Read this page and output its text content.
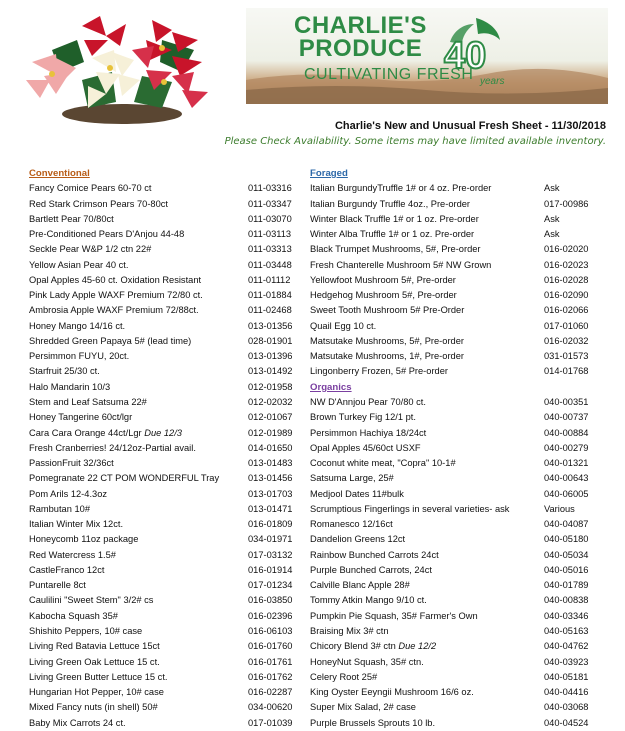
CHARLIE'S
PRODUCE
CULTIVATING FRESH
40
years
Charlie's New and Unusual Fresh Sheet - 11/30/2018
Please Check Availability. Some items may have limited available inventory.
Conventional
Fancy Comice Pears 60-70 ct	011-03316
Red Stark Crimson Pears 70-80ct	011-03347
Bartlett Pear 70/80ct	011-03070
Pre-Conditioned Pears D'Anjou 44-48	011-03113
Seckle Pear W&P 1/2 ctn 22#	011-03313
Yellow Asian Pear 40 ct.	011-03448
Opal Apples 45-60 ct. Oxidation Resistant	011-01112
Pink Lady Apple WAXF Premium 72/80 ct.	011-01884
Ambrosia Apple WAXF Premium 72/88ct.	011-02468
Honey Mango 14/16 ct.	013-01356
Shredded Green Papaya 5# (lead time)	028-01901
Persimmon FUYU, 20ct.	013-01396
Starfruit 25/30 ct.	013-01492
Halo Mandarin 10/3	012-01958
Stem and Leaf Satsuma 22#	012-02032
Honey Tangerine 60ct/lgr	012-01067
Cara Cara Orange 44ct/Lgr Due 12/3	012-01989
Fresh Cranberries! 24/12oz-Partial avail.	014-01650
PassionFruit 32/36ct	013-01483
Pomegranate 22 CT POM WONDERFUL Tray	013-01456
Pom Arils 12-4.3oz	013-01703
Rambutan 10#	013-01471
Italian Winter Mix 12ct.	016-01809
Honeycomb 11oz package	034-01971
Red Watercress 1.5#	017-03132
CastleFranco 12ct	016-01914
Puntarelle 8ct	017-01234
Caulilini "Sweet Stem" 3/2# cs	016-03850
Kabocha Squash 35#	016-02396
Shishito Peppers, 10# case	016-06103
Living Red Batavia Lettuce 15ct	016-01760
Living Green Oak Lettuce 15 ct.	016-01761
Living Green Butter Lettuce 15 ct.	016-01762
Hungarian Hot Pepper, 10# case	016-02287
Mixed Fancy nuts (in shell) 50#	034-00620
Baby Mix Carrots 24 ct.	017-01039
Foraged
Italian BurgundyTruffle 1# or 4 oz. Pre-order	Ask
Italian Burgundy Truffle 4oz., Pre-order	017-00986
Winter Black Truffle 1# or 1 oz. Pre-order	Ask
Winter Alba Truffle 1# or 1 oz. Pre-order	Ask
Black Trumpet Mushrooms, 5#, Pre-order	016-02020
Fresh Chanterelle Mushroom 5# NW Grown	016-02023
Yellowfoot Mushroom 5#, Pre-order	016-02028
Hedgehog Mushroom 5#, Pre-order	016-02090
Sweet Tooth Mushroom 5# Pre-Order	016-02066
Quail Egg 10 ct.	017-01060
Matsutake Mushrooms, 5#, Pre-order	016-02032
Matsutake Mushrooms, 1#, Pre-order	031-01573
Lingonberry Frozen, 5# Pre-order	014-01768
Organics
NW D'Annjou Pear 70/80 ct.	040-00351
Brown Turkey Fig 12/1 pt.	040-00737
Persimmon Hachiya 18/24ct	040-00884
Opal Apples 45/60ct USXF	040-00279
Coconut white meat, "Copra" 10-1#	040-01321
Satsuma Large, 25#	040-00643
Medjool Dates 11#bulk	040-06005
Scrumptious Fingerlings in several varieties- ask	Various
Romanesco 12/16ct	040-04087
Dandelion Greens 12ct	040-05180
Rainbow Bunched Carrots 24ct	040-05034
Purple Bunched Carrots, 24ct	040-05016
Calville Blanc Apple 28#	040-01789
Tommy Atkin Mango 9/10 ct.	040-00838
Pumpkin Pie Squash, 35# Farmer's Own	040-03346
Braising Mix 3# ctn	040-05163
Chicory Blend 3# ctn Due 12/2	040-04762
HoneyNut Squash, 35# ctn.	040-03923
Celery Root 25#	040-05181
King Oyster Eeyngii Mushroom 16/6 oz.	040-04416
Super Mix Salad, 2# case	040-03068
Purple Brussels Sprouts 10 lb.	040-04524
